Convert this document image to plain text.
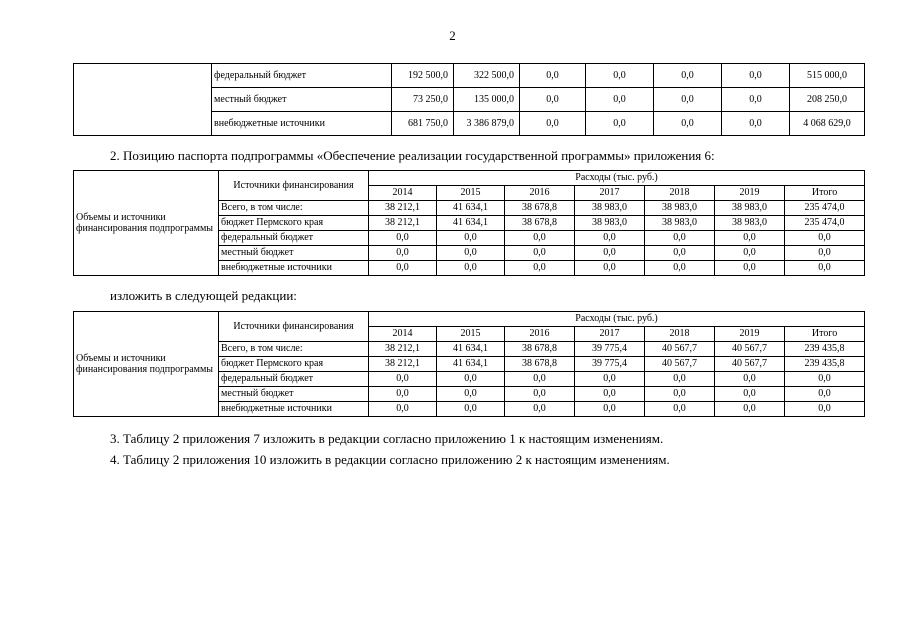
2
	федеральный бюджет	192 500,0	322 500,0	0,0	0,0	0,0	0,0	515 000,0
	местный бюджет	73 250,0	135 000,0	0,0	0,0	0,0	0,0	208 250,0
	внебюджетные источники	681 750,0	3 386 879,0	0,0	0,0	0,0	0,0	4 068 629,0
2. Позицию паспорта подпрограммы «Обеспечение реализации государственной программы» приложения 6:
Объемы и источники финансирования подпрограммы	Источники финансирования	Расходы (тыс. руб.)						
		2014	2015	2016	2017	2018	2019	Итого
	Всего, в том числе:	38 212,1	41 634,1	38 678,8	38 983,0	38 983,0	38 983,0	235 474,0
	бюджет Пермского края	38 212,1	41 634,1	38 678,8	38 983,0	38 983,0	38 983,0	235 474,0
	федеральный бюджет	0,0	0,0	0,0	0,0	0,0	0,0	0,0
	местный бюджет	0,0	0,0	0,0	0,0	0,0	0,0	0,0
	внебюджетные источники	0,0	0,0	0,0	0,0	0,0	0,0	0,0
изложить в следующей редакции:
Объемы и источники финансирования подпрограммы	Источники финансирования	Расходы (тыс. руб.)						
		2014	2015	2016	2017	2018	2019	Итого
	Всего, в том числе:	38 212,1	41 634,1	38 678,8	39 775,4	40 567,7	40 567,7	239 435,8
	бюджет Пермского края	38 212,1	41 634,1	38 678,8	39 775,4	40 567,7	40 567,7	239 435,8
	федеральный бюджет	0,0	0,0	0,0	0,0	0,0	0,0	0,0
	местный бюджет	0,0	0,0	0,0	0,0	0,0	0,0	0,0
	внебюджетные источники	0,0	0,0	0,0	0,0	0,0	0,0	0,0
3. Таблицу 2 приложения 7 изложить в редакции согласно приложению 1 к настоящим изменениям.
4. Таблицу 2 приложения 10 изложить в редакции согласно приложению 2 к настоящим изменениям.
